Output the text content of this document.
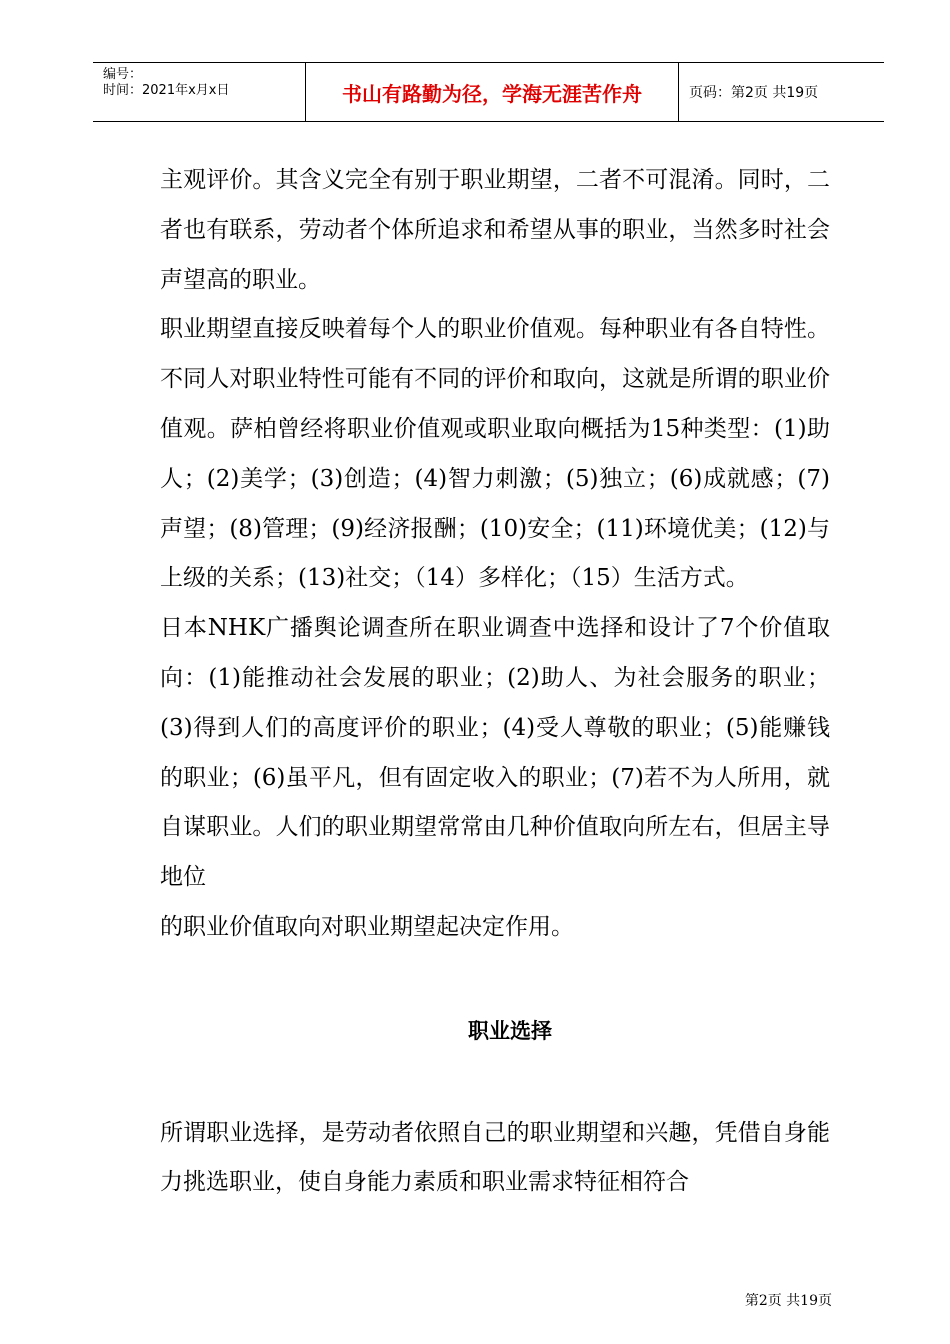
编号：
时间：2021年x月x日	书山有路勤为径，学海无涯苦作舟	页码：第2页 共19页

主观评价。其含义完全有别于职业期望，二者不可混淆。同时，二者也有联系，劳动者个体所追求和希望从事的职业，当然多时社会声望高的职业。

职业期望直接反映着每个人的职业价值观。每种职业有各自特性。不同人对职业特性可能有不同的评价和取向，这就是所谓的职业价值观。萨柏曾经将职业价值观或职业取向概括为15种类型：(1)助人；(2)美学；(3)创造；(4)智力刺激；(5)独立；(6)成就感；(7)声望；(8)管理；(9)经济报酬；(10)安全；(11)环境优美；(12)与上级的关系；(13)社交；（14）多样化；（15）生活方式。

日本NHK广播舆论调查所在职业调查中选择和设计了7个价值取向：(1)能推动社会发展的职业；(2)助人、为社会服务的职业；(3)得到人们的高度评价的职业；(4)受人尊敬的职业；(5)能赚钱的职业；(6)虽平凡，但有固定收入的职业；(7)若不为人所用，就自谋职业。人们的职业期望常常由几种价值取向所左右，但居主导地位

的职业价值取向对职业期望起决定作用。

职业选择

所谓职业选择，是劳动者依照自己的职业期望和兴趣，凭借自身能力挑选职业，使自身能力素质和职业需求特征相符合

第2页 共19页
